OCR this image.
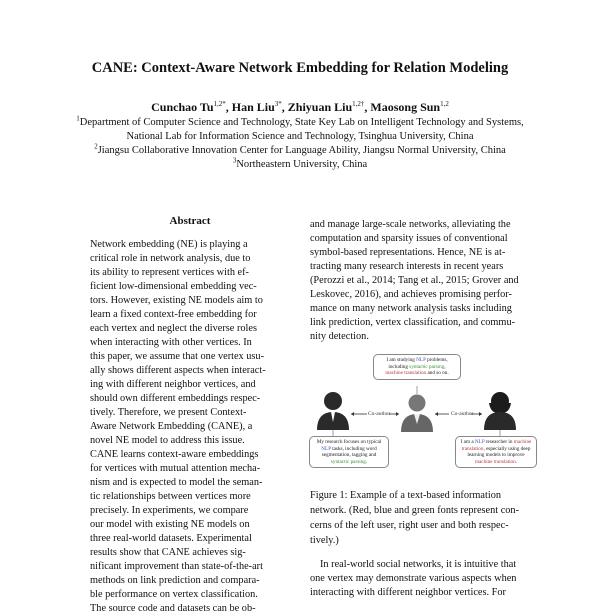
CANE: Context-Aware Network Embedding for Relation Modeling
Cunchao $Tu^{1,2*}$, Han Liu$^{3*}$, Zhiyuan Liu$^{1,2\dagger}$, Maosong Sun$^{1,2}$
$^1$Department of Computer Science and Technology, State Key Lab on Intelligent Technology and Systems,
National Lab for Information Science and Technology, Tsinghua University, China
$^2$Jiangsu Collaborative Innovation Center for Language Ability, Jiangsu Normal University, China
$^3$Northeastern University, China
Abstract
Network embedding (NE) is playing a
critical role in network analysis, due to
its ability to represent vertices with ef-
ficient low-dimensional embedding vec-
tors. However, existing NE models aim to
learn a fixed context-free embedding for
each vertex and neglect the diverse roles
when interacting with other vertices. In
this paper, we assume that one vertex usu-
ally shows different aspects when interact-
ing with different neighbor vertices, and
should own different embeddings respec-
tively. Therefore, we present Context-
Aware Network Embedding (CANE), a
novel NE model to address this issue.
CANE learns context-aware embeddings
for vertices with mutual attention mecha-
nism and is expected to model the seman-
tic relationships between vertices more
precisely. In experiments, we compare
our model with existing NE models on
three real-world datasets. Experimental
results show that CANE achieves sig-
nificant improvement than state-of-the-art
methods on link prediction and compara-
ble performance on vertex classification.
The source code and datasets can be ob-
and manage large-scale networks, alleviating the
computation and sparsity issues of conventional
symbol-based representations. Hence, NE is at-
tracting many research interests in recent years
(Perozzi et al., 2014; Tang et al., 2015; Grover and
Leskovec, 2016), and achieves promising perfor-
mance on many network analysis tasks including
link prediction, vertex classification, and commu-
nity detection.
Co-author	Co-author
I am studying NLP problems,
including syntactic parsing,
machine translation and so on.
My research focuses on typical
NLP tasks, including word
segmentation, tagging and
syntactic parsing.
I am a NLP researcher in machine
translation, especially using deep
learning models to improve
machine translation.
Figure 1: Example of a text-based information
network. (Red, blue and green fonts represent con-
cerns of the left user, right user and both respec-
tively.)
In real-world social networks, it is intuitive that
one vertex may demonstrate various aspects when
interacting with different neighbor vertices. For
